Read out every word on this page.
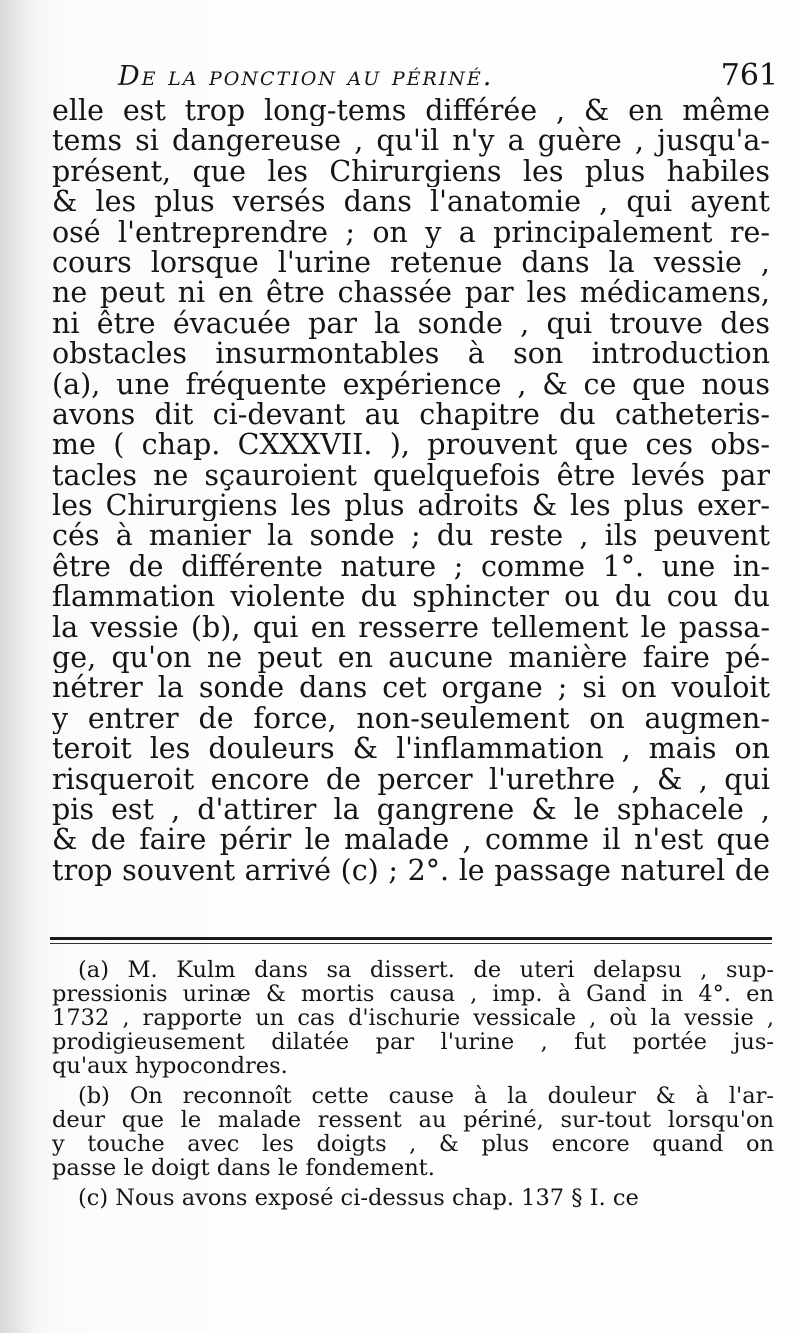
De la ponction au périné.	761
elle est trop long-tems différée , & en même
tems si dangereuse , qu'il n'y a guère , jusqu'a-
présent, que les Chirurgiens les plus habiles
& les plus versés dans l'anatomie , qui ayent
osé l'entreprendre ; on y a principalement re-
cours lorsque l'urine retenue dans la vessie ,
ne peut ni en être chassée par les médicamens,
ni être évacuée par la sonde , qui trouve des
obstacles insurmontables à son introduction
(a), une fréquente expérience , & ce que nous
avons dit ci-devant au chapitre du catheteris-
me ( chap. CXXXVII. ), prouvent que ces obs-
tacles ne sçauroient quelquefois être levés par
les Chirurgiens les plus adroits & les plus exer-
cés à manier la sonde ; du reste , ils peuvent
être de différente nature ; comme 1°. une in-
flammation violente du sphincter ou du cou du
la vessie (b), qui en resserre tellement le passa-
ge, qu'on ne peut en aucune manière faire pé-
nétrer la sonde dans cet organe ; si on vouloit
y entrer de force, non-seulement on augmen-
teroit les douleurs & l'inflammation , mais on
risqueroit encore de percer l'urethre , & , qui
pis est , d'attirer la gangrene & le sphacele ,
& de faire périr le malade , comme il n'est que
trop souvent arrivé (c) ; 2°. le passage naturel de
(a) M. Kulm dans sa dissert. de uteri delapsu , sup-
pressionis urinæ & mortis causa , imp. à Gand in 4°. en
1732 , rapporte un cas d'ischurie vessicale , où la vessie ,
prodigieusement dilatée par l'urine , fut portée jus-
qu'aux hypocondres.
(b) On reconnoît cette cause à la douleur & à l'ar-
deur que le malade ressent au périné, sur-tout lorsqu'on
y touche avec les doigts , & plus encore quand on
passe le doigt dans le fondement.
(c) Nous avons exposé ci-dessus chap. 137 § I. ce
